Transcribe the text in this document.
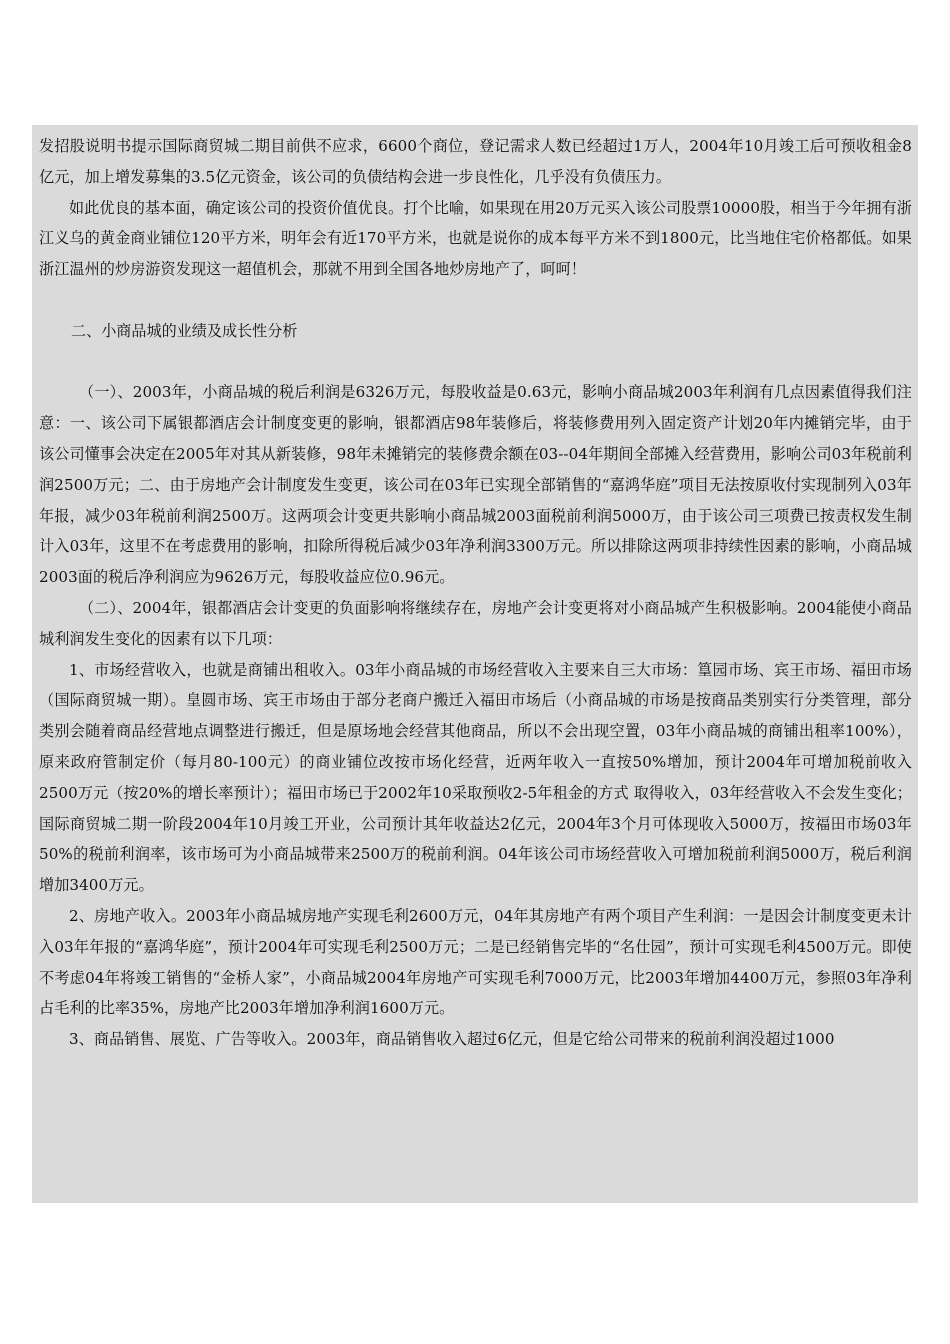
发招股说明书提示国际商贸城二期目前供不应求，6600个商位，登记需求人数已经超过1万人，2004年10月竣工后可预收租金8亿元，加上增发募集的3.5亿元资金，该公司的负债结构会进一步良性化，几乎没有负债压力。

如此优良的基本面，确定该公司的投资价值优良。打个比喻，如果现在用20万元买入该公司股票10000股，相当于今年拥有浙江义乌的黄金商业铺位120平方米，明年会有近170平方米，也就是说你的成本每平方米不到1800元，比当地住宅价格都低。如果浙江温州的炒房游资发现这一超值机会，那就不用到全国各地炒房地产了，呵呵！

二、小商品城的业绩及成长性分析

（一）、2003年，小商品城的税后利润是6326万元，每股收益是0.63元，影响小商品城2003年利润有几点因素值得我们注意：一、该公司下属银都酒店会计制度变更的影响，银都酒店98年装修后，将装修费用列入固定资产计划20年内摊销完毕，由于该公司懂事会决定在2005年对其从新装修，98年未摊销完的装修费余额在03--04年期间全部摊入经营费用，影响公司03年税前利润2500万元；二、由于房地产会计制度发生变更，该公司在03年已实现全部销售的“嘉鸿华庭”项目无法按原收付实现制列入03年年报，减少03年税前利润2500万。这两项会计变更共影响小商品城2003面税前利润5000万，由于该公司三项费已按责权发生制计入03年，这里不在考虑费用的影响，扣除所得税后减少03年净利润3300万元。所以排除这两项非持续性因素的影响，小商品城2003面的税后净利润应为9626万元，每股收益应位0.96元。

（二）、2004年，银都酒店会计变更的负面影响将继续存在，房地产会计变更将对小商品城产生积极影响。2004能使小商品城利润发生变化的因素有以下几项：

1、市场经营收入，也就是商铺出租收入。03年小商品城的市场经营收入主要来自三大市场：篁园市场、宾王市场、福田市场（国际商贸城一期）。皇圆市场、宾王市场由于部分老商户搬迁入福田市场后（小商品城的市场是按商品类别实行分类管理，部分类别会随着商品经营地点调整进行搬迁，但是原场地会经营其他商品，所以不会出现空置，03年小商品城的商铺出租率100%），原来政府管制定价（每月80-100元）的商业铺位改按市场化经营，近两年收入一直按50%增加，预计2004年可增加税前收入2500万元（按20%的增长率预计）；福田市场已于2002年10采取预收2-5年租金的方式 取得收入，03年经营收入不会发生变化；国际商贸城二期一阶段2004年10月竣工开业，公司预计其年收益达2亿元，2004年3个月可体现收入5000万，按福田市场03年50%的税前利润率，该市场可为小商品城带来2500万的税前利润。04年该公司市场经营收入可增加税前利润5000万，税后利润增加3400万元。

2、房地产收入。2003年小商品城房地产实现毛利2600万元，04年其房地产有两个项目产生利润：一是因会计制度变更未计入03年年报的“嘉鸿华庭”，预计2004年可实现毛利2500万元；二是已经销售完毕的“名仕园”，预计可实现毛利4500万元。即使不考虑04年将竣工销售的“金桥人家”，小商品城2004年房地产可实现毛利7000万元，比2003年增加4400万元，参照03年净利占毛利的比率35%，房地产比2003年增加净利润1600万元。

3、商品销售、展览、广告等收入。2003年，商品销售收入超过6亿元，但是它给公司带来的税前利润没超过1000
